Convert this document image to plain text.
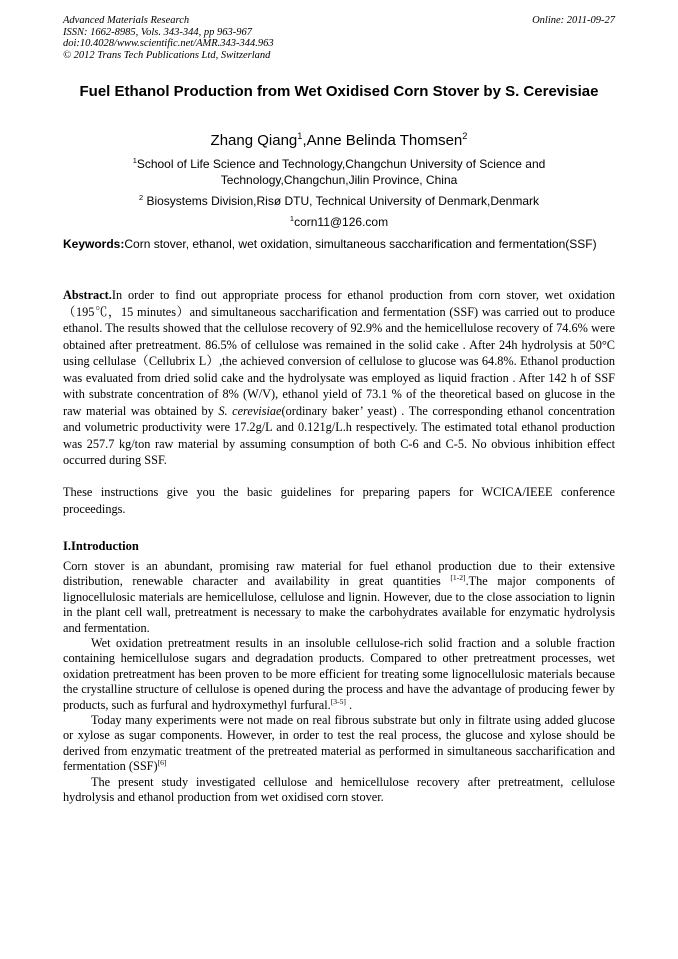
Advanced Materials Research
ISSN: 1662-8985, Vols. 343-344, pp 963-967
doi:10.4028/www.scientific.net/AMR.343-344.963
© 2012 Trans Tech Publications Ltd, Switzerland
Online: 2011-09-27
Fuel Ethanol Production from Wet Oxidised Corn Stover by S. Cerevisiae
Zhang Qiang$^1$,Anne Belinda Thomsen$^2$
$^1$School of Life Science and Technology,Changchun University of Science and Technology,Changchun,Jilin Province, China
$^2$ Biosystems Division,Risø DTU, Technical University of Denmark,Denmark
$^1$corn11@126.com
Keywords:Corn stover, ethanol, wet oxidation, simultaneous saccharification and fermentation(SSF)
Abstract.In order to find out appropriate process for ethanol production from corn stover, wet oxidation（195℃，15 minutes）and simultaneous saccharification and fermentation (SSF) was carried out to produce ethanol. The results showed that the cellulose recovery of 92.9% and the hemicellulose recovery of 74.6% were obtained after pretreatment. 86.5% of cellulose was remained in the solid cake . After 24h hydrolysis at 50°C using cellulase（Cellubrix L）,the achieved conversion of cellulose to glucose was 64.8%. Ethanol production was evaluated from dried solid cake and the hydrolysate was employed as liquid fraction . After 142 h of SSF with substrate concentration of 8% (W/V), ethanol yield of 73.1 % of the theoretical based on glucose in the raw material was obtained by S. cerevisiae(ordinary baker’ yeast) . The corresponding ethanol concentration and volumetric productivity were 17.2g/L and 0.121g/L.h respectively. The estimated total ethanol production was 257.7 kg/ton raw material by assuming consumption of both C-6 and C-5. No obvious inhibition effect occurred during SSF.
These instructions give you the basic guidelines for preparing papers for WCICA/IEEE conference proceedings.
I.Introduction

Corn stover is an abundant, promising raw material for fuel ethanol production due to their extensive distribution, renewable character and availability in great quantities [1-2].The major components of lignocellulosic materials are hemicellulose, cellulose and lignin. However, due to the close association to lignin in the plant cell wall, pretreatment is necessary to make the carbohydrates available for enzymatic hydrolysis and fermentation.

Wet oxidation pretreatment results in an insoluble cellulose-rich solid fraction and a soluble fraction containing hemicellulose sugars and degradation products. Compared to other pretreatment processes, wet oxidation pretreatment has been proven to be more efficient for treating some lignocellulosic materials because the crystalline structure of cellulose is opened during the process and have the advantage of producing fewer by products, such as furfural and hydroxymethyl furfural.[3-5] .

Today many experiments were not made on real fibrous substrate but only in filtrate using added glucose or xylose as sugar components. However, in order to test the real process, the glucose and xylose should be derived from enzymatic treatment of the pretreated material as performed in simultaneous saccharification and fermentation (SSF)[6]

The present study investigated cellulose and hemicellulose recovery after pretreatment, cellulose hydrolysis and ethanol production from wet oxidised corn stover.
